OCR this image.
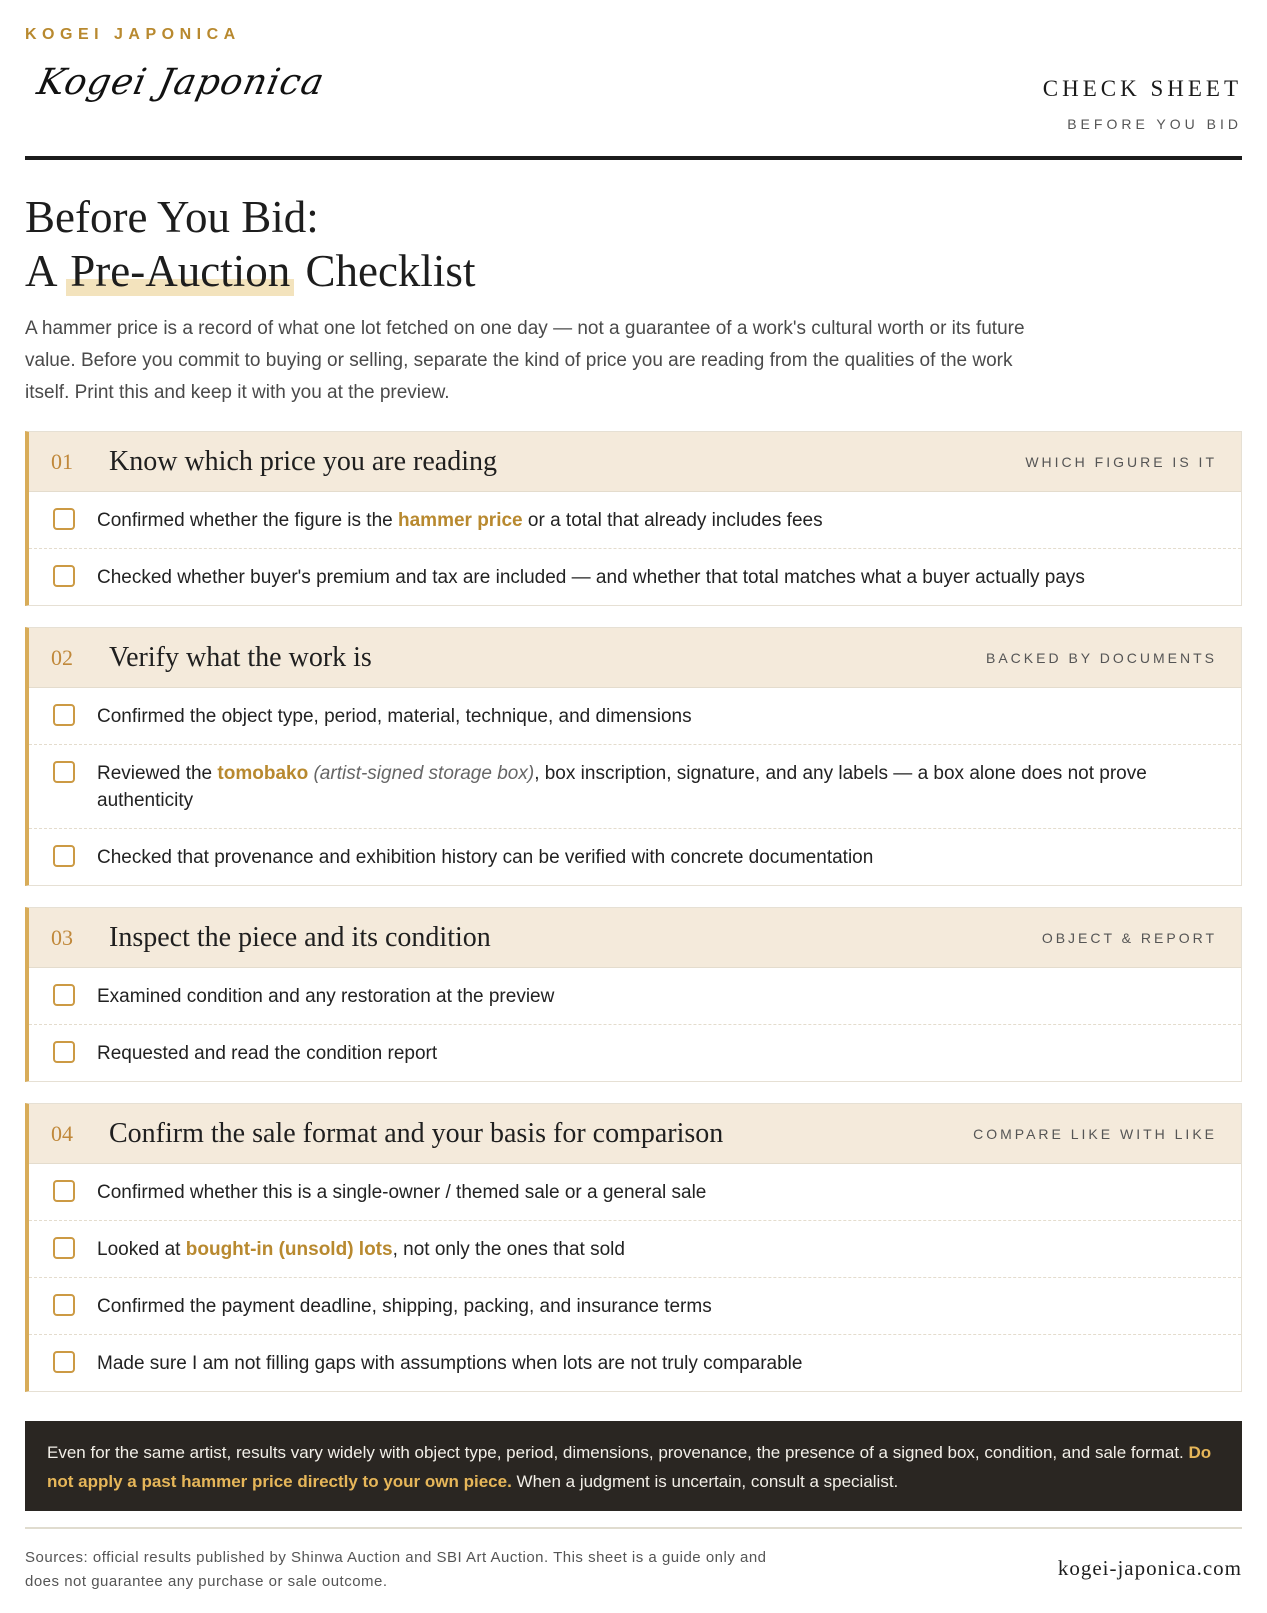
KOGEI JAPONICA
Kogei Japonica	CHECK SHEET
BEFORE YOU BID
Before You Bid:
A Pre-Auction Checklist

A hammer price is a record of what one lot fetched on one day — not a guarantee of a work's cultural worth or its future value. Before you commit to buying or selling, separate the kind of price you are reading from the qualities of the work itself. Print this and keep it with you at the preview.

01	Know which price you are reading	WHICH FIGURE IS IT
Confirmed whether the figure is the hammer price or a total that already includes fees
Checked whether buyer's premium and tax are included — and whether that total matches what a buyer actually pays
02	Verify what the work is	BACKED BY DOCUMENTS
Confirmed the object type, period, material, technique, and dimensions
Reviewed the tomobako (artist-signed storage box), box inscription, signature, and any labels — a box alone does not prove authenticity
Checked that provenance and exhibition history can be verified with concrete documentation
03	Inspect the piece and its condition	OBJECT & REPORT
Examined condition and any restoration at the preview
Requested and read the condition report
04	Confirm the sale format and your basis for comparison	COMPARE LIKE WITH LIKE
Confirmed whether this is a single-owner / themed sale or a general sale
Looked at bought-in (unsold) lots, not only the ones that sold
Confirmed the payment deadline, shipping, packing, and insurance terms
Made sure I am not filling gaps with assumptions when lots are not truly comparable
Even for the same artist, results vary widely with object type, period, dimensions, provenance, the presence of a signed box, condition, and sale format. Do not apply a past hammer price directly to your own piece. When a judgment is uncertain, consult a specialist.
Sources: official results published by Shinwa Auction and SBI Art Auction. This sheet is a guide only and does not guarantee any purchase or sale outcome.
kogei-japonica.com
